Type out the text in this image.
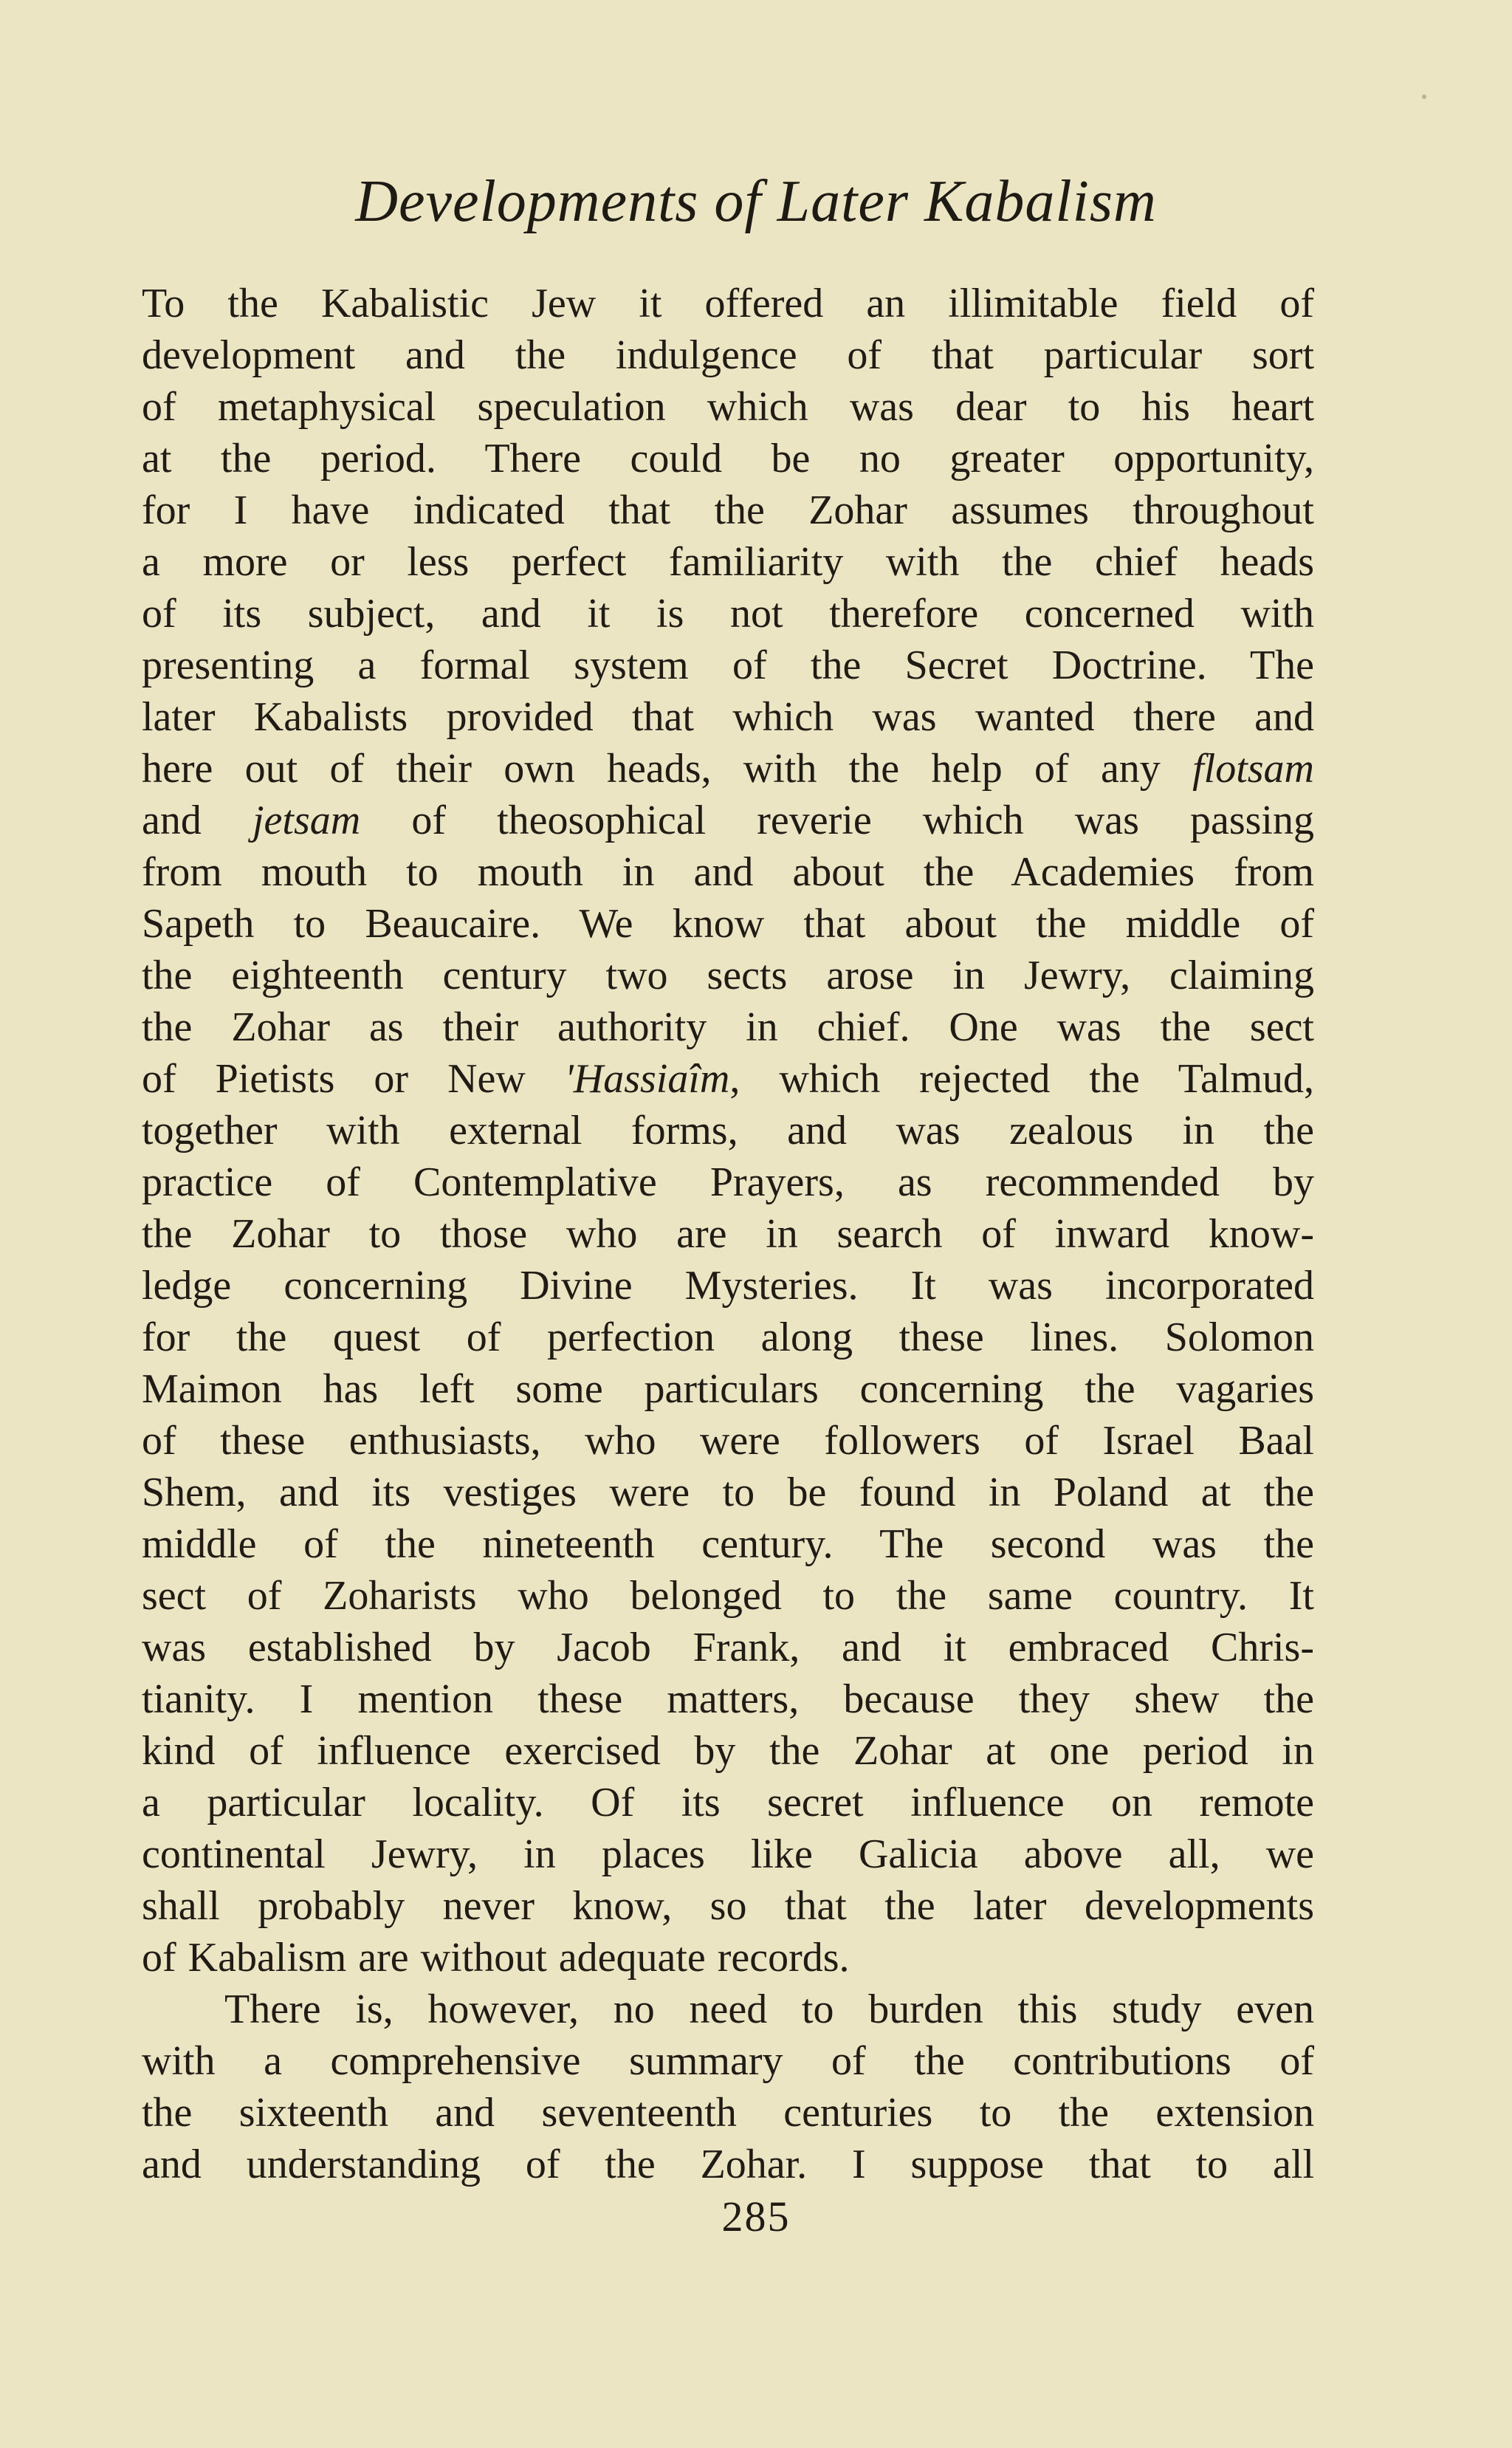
Developments of Later Kabalism
To the Kabalistic Jew it offered an illimitable field of
development and the indulgence of that particular sort
of metaphysical speculation which was dear to his heart
at the period. There could be no greater opportunity,
for I have indicated that the Zohar assumes throughout
a more or less perfect familiarity with the chief heads
of its subject, and it is not therefore concerned with
presenting a formal system of the Secret Doctrine. The
later Kabalists provided that which was wanted there and
here out of their own heads, with the help of any flotsam
and jetsam of theosophical reverie which was passing
from mouth to mouth in and about the Academies from
Sapeth to Beaucaire. We know that about the middle of
the eighteenth century two sects arose in Jewry, claiming
the Zohar as their authority in chief. One was the sect
of Pietists or New 'Hassiaîm, which rejected the Talmud,
together with external forms, and was zealous in the
practice of Contemplative Prayers, as recommended by
the Zohar to those who are in search of inward know-
ledge concerning Divine Mysteries. It was incorporated
for the quest of perfection along these lines. Solomon
Maimon has left some particulars concerning the vagaries
of these enthusiasts, who were followers of Israel Baal
Shem, and its vestiges were to be found in Poland at the
middle of the nineteenth century. The second was the
sect of Zoharists who belonged to the same country. It
was established by Jacob Frank, and it embraced Chris-
tianity. I mention these matters, because they shew the
kind of influence exercised by the Zohar at one period in
a particular locality. Of its secret influence on remote
continental Jewry, in places like Galicia above all, we
shall probably never know, so that the later developments
of Kabalism are without adequate records.
There is, however, no need to burden this study even
with a comprehensive summary of the contributions of
the sixteenth and seventeenth centuries to the extension
and understanding of the Zohar. I suppose that to all
285
